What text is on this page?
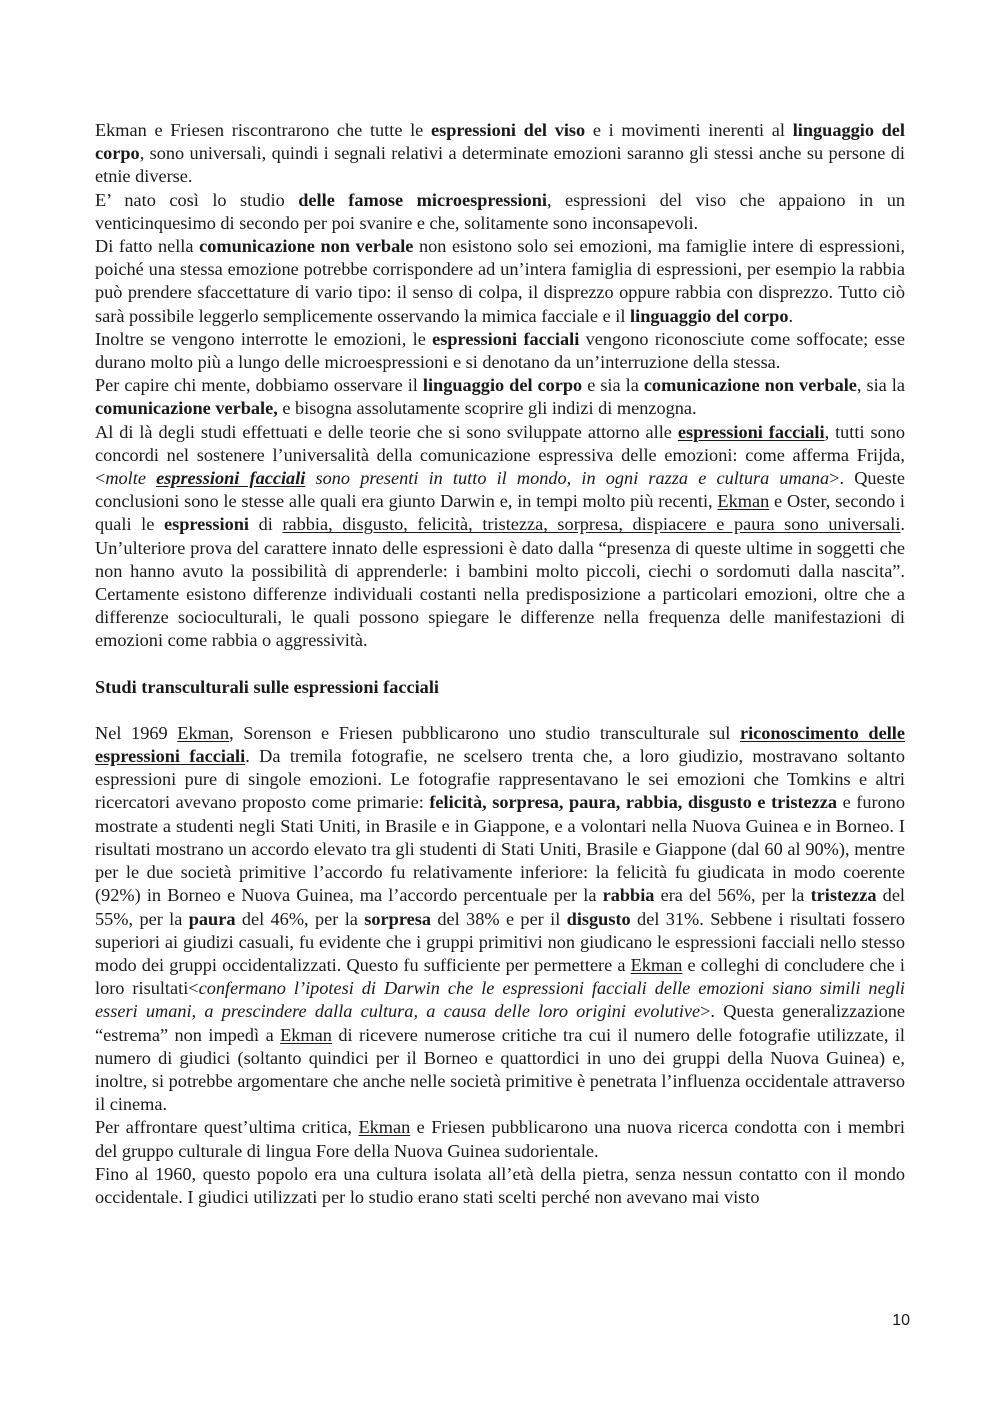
Ekman e Friesen riscontrarono che tutte le espressioni del viso e i movimenti inerenti al linguaggio del corpo, sono universali, quindi i segnali relativi a determinate emozioni saranno gli stessi anche su persone di etnie diverse.

E’ nato così lo studio delle famose microespressioni, espressioni del viso che appaiono in un venticinquesimo di secondo per poi svanire e che, solitamente sono inconsapevoli.

Di fatto nella comunicazione non verbale non esistono solo sei emozioni, ma famiglie intere di espressioni, poiché una stessa emozione potrebbe corrispondere ad un’intera famiglia di espressioni, per esempio la rabbia può prendere sfaccettature di vario tipo: il senso di colpa, il disprezzo oppure rabbia con disprezzo. Tutto ciò sarà possibile leggerlo semplicemente osservando la mimica facciale e il linguaggio del corpo.

Inoltre se vengono interrotte le emozioni, le espressioni facciali vengono riconosciute come soffocate; esse durano molto più a lungo delle microespressioni e si denotano da un’interruzione della stessa.

Per capire chi mente, dobbiamo osservare il linguaggio del corpo e sia la comunicazione non verbale, sia la comunicazione verbale, e bisogna assolutamente scoprire gli indizi di menzogna.

Al di là degli studi effettuati e delle teorie che si sono sviluppate attorno alle espressioni facciali, tutti sono concordi nel sostenere l’universalità della comunicazione espressiva delle emozioni: come afferma Frijda, <molte espressioni facciali sono presenti in tutto il mondo, in ogni razza e cultura umana>. Queste conclusioni sono le stesse alle quali era giunto Darwin e, in tempi molto più recenti, Ekman e Oster, secondo i quali le espressioni di rabbia, disgusto, felicità, tristezza, sorpresa, dispiacere e paura sono universali. Un’ulteriore prova del carattere innato delle espressioni è dato dalla “presenza di queste ultime in soggetti che non hanno avuto la possibilità di apprenderle: i bambini molto piccoli, ciechi o sordomuti dalla nascita”. Certamente esistono differenze individuali costanti nella predisposizione a particolari emozioni, oltre che a differenze socioculturali, le quali possono spiegare le differenze nella frequenza delle manifestazioni di emozioni come rabbia o aggressività.

Studi transculturali sulle espressioni facciali

Nel 1969 Ekman, Sorenson e Friesen pubblicarono uno studio transculturale sul riconoscimento delle espressioni facciali. Da tremila fotografie, ne scelsero trenta che, a loro giudizio, mostravano soltanto espressioni pure di singole emozioni. Le fotografie rappresentavano le sei emozioni che Tomkins e altri ricercatori avevano proposto come primarie: felicità, sorpresa, paura, rabbia, disgusto e tristezza e furono mostrate a studenti negli Stati Uniti, in Brasile e in Giappone, e a volontari nella Nuova Guinea e in Borneo. I risultati mostrano un accordo elevato tra gli studenti di Stati Uniti, Brasile e Giappone (dal 60 al 90%), mentre per le due società primitive l’accordo fu relativamente inferiore: la felicità fu giudicata in modo coerente (92%) in Borneo e Nuova Guinea, ma l’accordo percentuale per la rabbia era del 56%, per la tristezza del 55%, per la paura del 46%, per la sorpresa del 38% e per il disgusto del 31%. Sebbene i risultati fossero superiori ai giudizi casuali, fu evidente che i gruppi primitivi non giudicano le espressioni facciali nello stesso modo dei gruppi occidentalizzati. Questo fu sufficiente per permettere a Ekman e colleghi di concludere che i loro risultati<confermano l’ipotesi di Darwin che le espressioni facciali delle emozioni siano simili negli esseri umani, a prescindere dalla cultura, a causa delle loro origini evolutive>. Questa generalizzazione “estrema” non impedì a Ekman di ricevere numerose critiche tra cui il numero delle fotografie utilizzate, il numero di giudici (soltanto quindici per il Borneo e quattordici in uno dei gruppi della Nuova Guinea) e, inoltre, si potrebbe argomentare che anche nelle società primitive è penetrata l’influenza occidentale attraverso il cinema.

Per affrontare quest’ultima critica, Ekman e Friesen pubblicarono una nuova ricerca condotta con i membri del gruppo culturale di lingua Fore della Nuova Guinea sudorientale.

Fino al 1960, questo popolo era una cultura isolata all’età della pietra, senza nessun contatto con il mondo occidentale. I giudici utilizzati per lo studio erano stati scelti perché non avevano mai visto

10
